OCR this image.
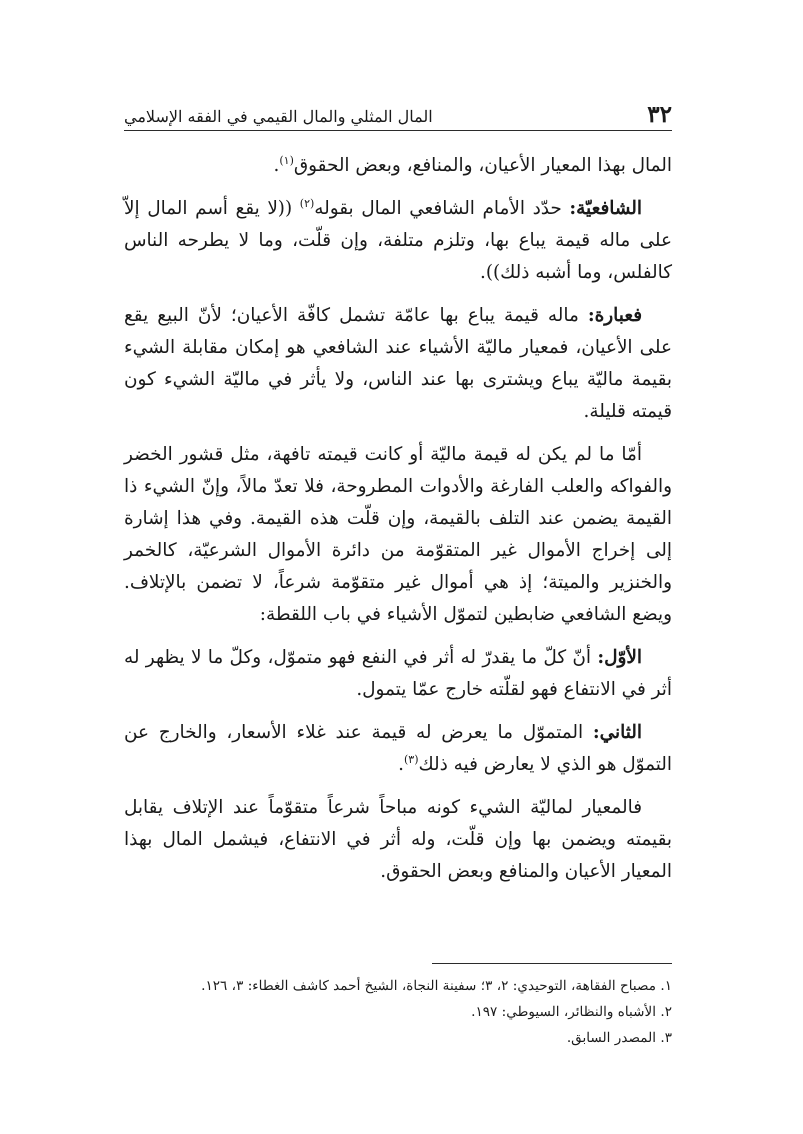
٣٢
المال المثلي والمال القيمي في الفقه الإسلامي

المال بهذا المعيار الأعيان، والمنافع، وبعض الحقوق$^{(١)}$.

الشافعيّة: حدّد الأمام الشافعي المال بقوله$^{(٢)}$ ((لا يقع أسم المال إلاّ على ماله قيمة يباع بها، وتلزم متلفة، وإن قلّت، وما لا يطرحه الناس كالفلس، وما أشبه ذلك)).

فعبارة: ماله قيمة يباع بها عامّة تشمل كافّة الأعيان؛ لأنّ البيع يقع على الأعيان، فمعيار ماليّة الأشياء عند الشافعي هو إمكان مقابلة الشيء بقيمة ماليّة يباع ويشترى بها عند الناس، ولا يأثر في ماليّة الشيء كون قيمته قليلة.

أمّا ما لم يكن له قيمة ماليّة أو كانت قيمته تافهة، مثل قشور الخضر والفواكه والعلب الفارغة والأدوات المطروحة، فلا تعدّ مالاً، وإنّ الشيء ذا القيمة يضمن عند التلف بالقيمة، وإن قلّت هذه القيمة. وفي هذا إشارة إلى إخراج الأموال غير المتقوّمة من دائرة الأموال الشرعيّة، كالخمر والخنزير والميتة؛ إذ هي أموال غير متقوّمة شرعاً، لا تضمن بالإتلاف. ويضع الشافعي ضابطين لتموّل الأشياء في باب اللقطة:

الأوّل: أنّ كلّ ما يقدرّ له أثر في النفع فهو متموّل، وكلّ ما لا يظهر له أثر في الانتفاع فهو لقلّته خارج عمّا يتمول.

الثاني: المتموّل ما يعرض له قيمة عند غلاء الأسعار، والخارج عن التموّل هو الذي لا يعارض فيه ذلك$^{(٣)}$.

فالمعيار لماليّة الشيء كونه مباحاً شرعاً متقوّماً عند الإتلاف يقابل بقيمته ويضمن بها وإن قلّت، وله أثر في الانتفاع، فيشمل المال بهذا المعيار الأعيان والمنافع وبعض الحقوق.

١. مصباح الفقاهة، التوحيدي: ٢، ٣؛ سفينة النجاة، الشيخ أحمد كاشف الغطاء: ٣، ١٢٦.

٢. الأشباه والنظائر، السيوطي: ١٩٧.

٣. المصدر السابق.
